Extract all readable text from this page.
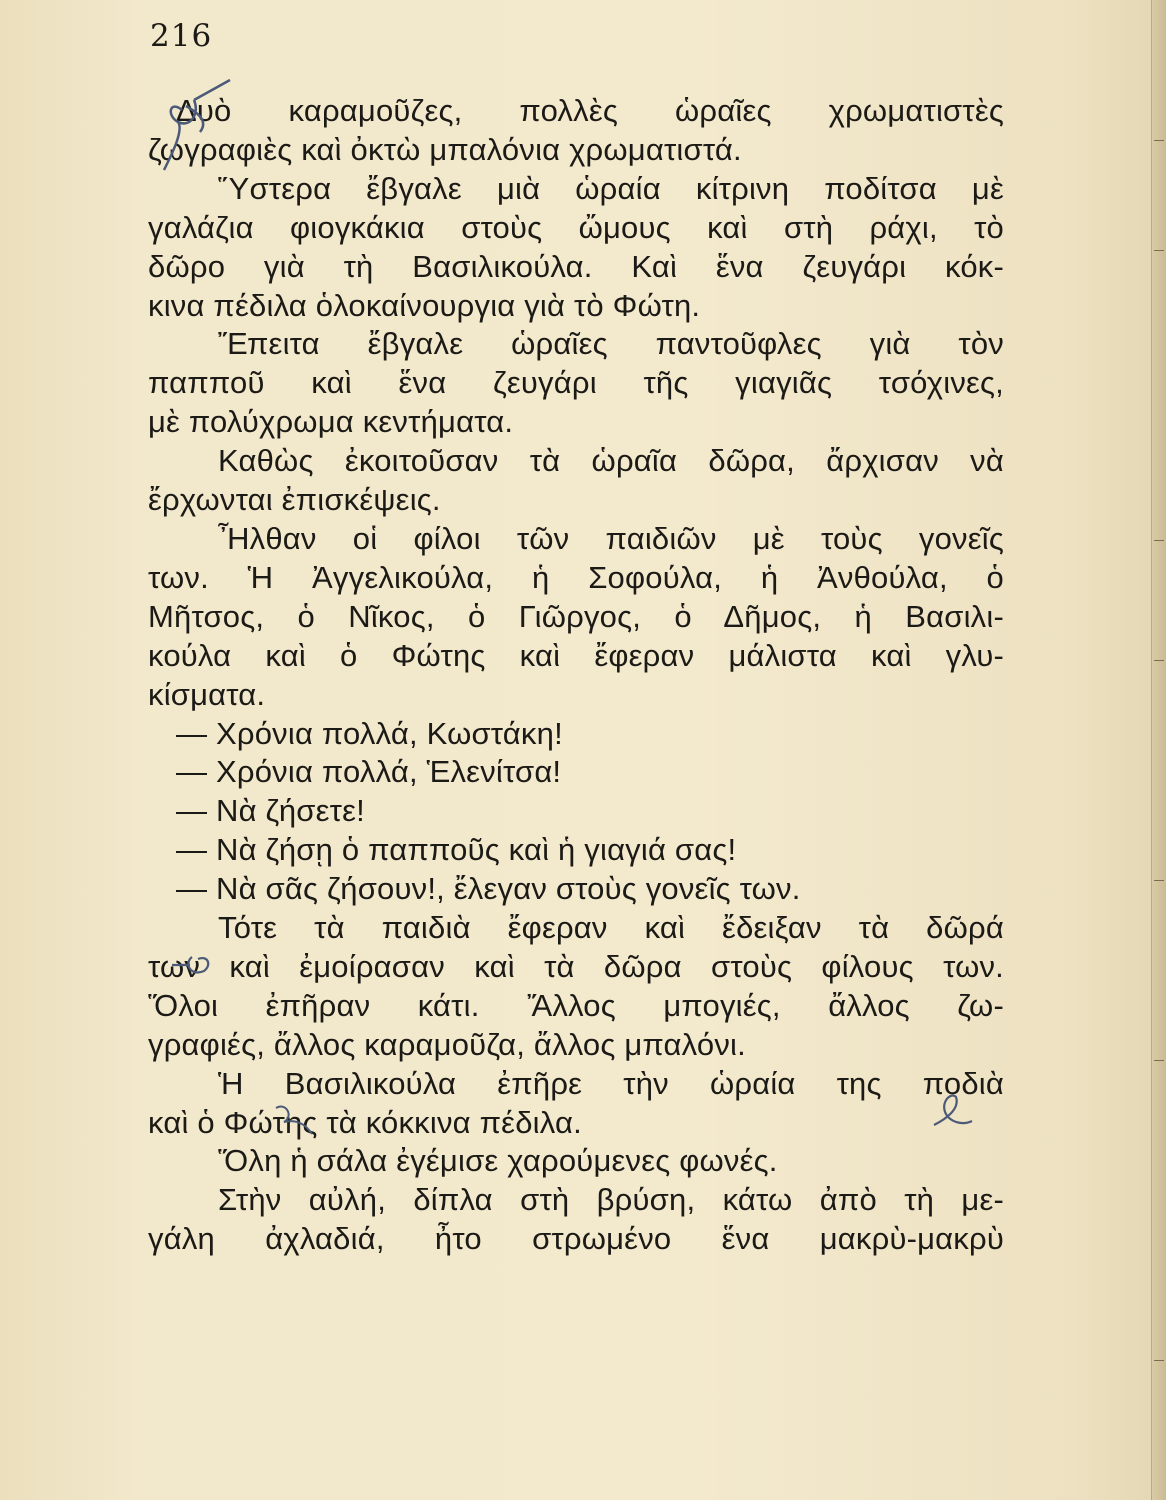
216
Δυὸ καραμοῦζες, πολλὲς ὡραῖες χρωματιστὲς
ζωγραφιὲς καὶ ὀκτὼ μπαλόνια χρωματιστά.
Ὕστερα ἔβγαλε μιὰ ὡραία κίτρινη ποδίτσα μὲ
γαλάζια φιογκάκια στοὺς ὤμους καὶ στὴ ράχι, τὸ
δῶρο γιὰ τὴ Βασιλικούλα. Καὶ ἕνα ζευγάρι κόκ-
κινα πέδιλα ὁλοκαίνουργια γιὰ τὸ Φώτη.
Ἔπειτα ἔβγαλε ὡραῖες παντοῦφλες γιὰ τὸν
παπποῦ καὶ ἕνα ζευγάρι τῆς γιαγιᾶς τσόχινες,
μὲ πολύχρωμα κεντήματα.
Καθὼς ἐκοιτοῦσαν τὰ ὡραῖα δῶρα, ἄρχισαν νὰ
ἔρχωνται ἐπισκέψεις.
Ἦλθαν οἱ φίλοι τῶν παιδιῶν μὲ τοὺς γονεῖς
των. Ἡ Ἀγγελικούλα, ἡ Σοφούλα, ἡ Ἀνθούλα, ὁ
Μῆτσος, ὁ Νῖκος, ὁ Γιῶργος, ὁ Δῆμος, ἡ Βασιλι-
κούλα καὶ ὁ Φώτης καὶ ἔφεραν μάλιστα καὶ γλυ-
κίσματα.
— Χρόνια πολλά, Κωστάκη!
— Χρόνια πολλά, Ἑλενίτσα!
— Νὰ ζήσετε!
— Νὰ ζήσῃ ὁ παπποῦς καὶ ἡ γιαγιά σας!
— Νὰ σᾶς ζήσουν!, ἔλεγαν στοὺς γονεῖς των.
Τότε τὰ παιδιὰ ἔφεραν καὶ ἔδειξαν τὰ δῶρά
των καὶ ἐμοίρασαν καὶ τὰ δῶρα στοὺς φίλους των.
Ὅλοι ἐπῆραν κάτι. Ἄλλος μπογιές, ἄλλος ζω-
γραφιές, ἄλλος καραμοῦζα, ἄλλος μπαλόνι.
Ἡ Βασιλικούλα ἐπῆρε τὴν ὡραία της ποδιὰ
καὶ ὁ Φώτης τὰ κόκκινα πέδιλα.
Ὅλη ἡ σάλα ἐγέμισε χαρούμενες φωνές.
Στὴν αὐλή, δίπλα στὴ βρύση, κάτω ἀπὸ τὴ με-
γάλη ἀχλαδιά, ἦτο στρωμένο ἕνα μακρὺ-μακρὺ
